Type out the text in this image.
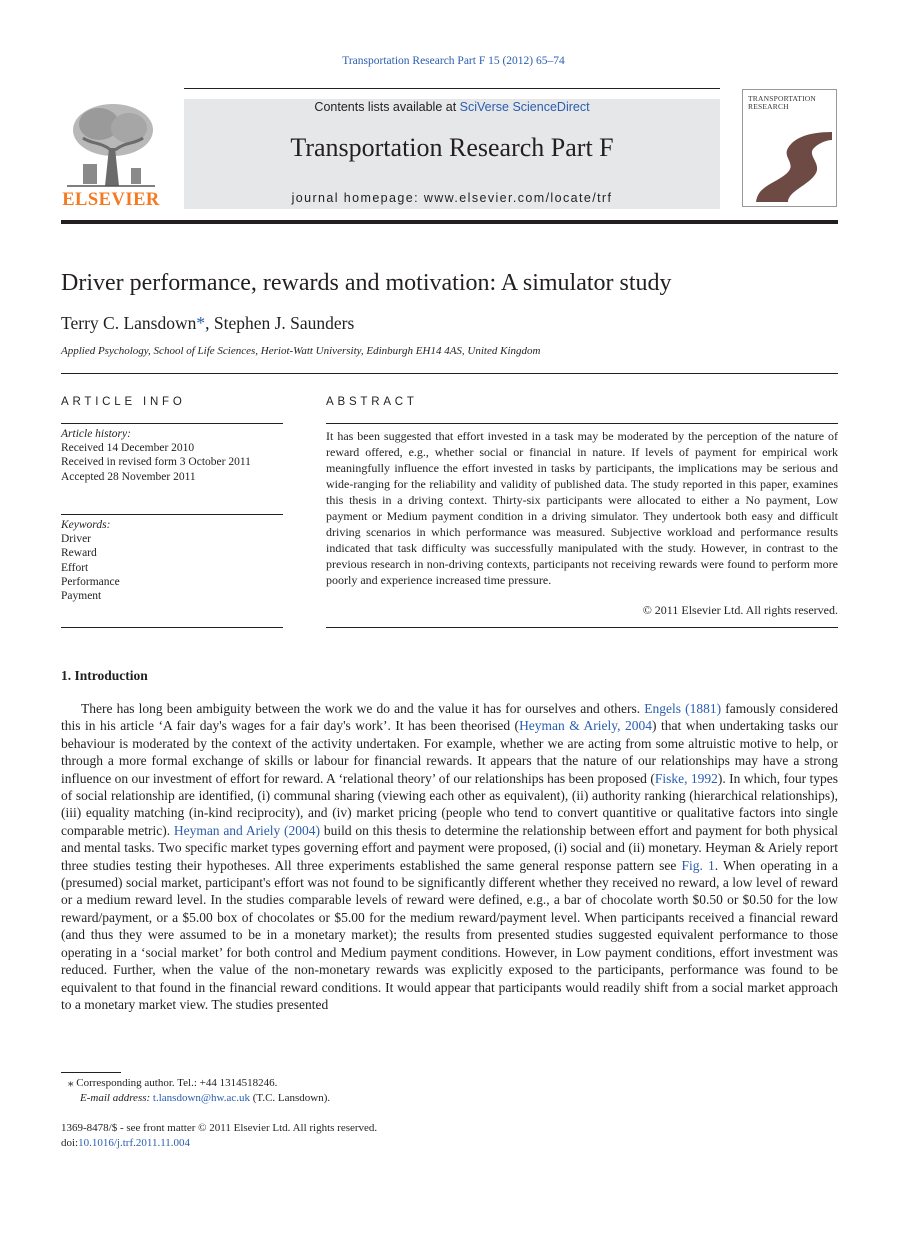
Transportation Research Part F 15 (2012) 65–74
Contents lists available at SciVerse ScienceDirect
Transportation Research Part F
journal homepage: www.elsevier.com/locate/trf
ELSEVIER
TRANSPORTATION RESEARCH
Driver performance, rewards and motivation: A simulator study
Terry C. Lansdown*, Stephen J. Saunders
Applied Psychology, School of Life Sciences, Heriot-Watt University, Edinburgh EH14 4AS, United Kingdom
ARTICLE INFO
Article history:
Received 14 December 2010
Received in revised form 3 October 2011
Accepted 28 November 2011
Keywords:
Driver
Reward
Effort
Performance
Payment
ABSTRACT
It has been suggested that effort invested in a task may be moderated by the perception of the nature of reward offered, e.g., whether social or financial in nature. If levels of payment for empirical work meaningfully influence the effort invested in tasks by participants, the implications may be serious and wide-ranging for the reliability and validity of published data. The study reported in this paper, examines this thesis in a driving context. Thirty-six participants were allocated to either a No payment, Low payment or Medium payment condition in a driving simulator. They undertook both easy and difficult driving scenarios in which performance was measured. Subjective workload and performance results indicated that task difficulty was successfully manipulated with the study. However, in contrast to the previous research in non-driving contexts, participants not receiving rewards were found to perform more poorly and experience increased time pressure.
© 2011 Elsevier Ltd. All rights reserved.
1. Introduction
There has long been ambiguity between the work we do and the value it has for ourselves and others. Engels (1881) famously considered this in his article ‘A fair day's wages for a fair day's work’. It has been theorised (Heyman & Ariely, 2004) that when undertaking tasks our behaviour is moderated by the context of the activity undertaken. For example, whether we are acting from some altruistic motive to help, or through a more formal exchange of skills or labour for financial rewards. It appears that the nature of our relationships may have a strong influence on our investment of effort for reward. A ‘relational theory’ of our relationships has been proposed (Fiske, 1992). In which, four types of social relationship are identified, (i) communal sharing (viewing each other as equivalent), (ii) authority ranking (hierarchical relationships), (iii) equality matching (in-kind reciprocity), and (iv) market pricing (people who tend to convert quantitive or qualitative factors into single comparable metric). Heyman and Ariely (2004) build on this thesis to determine the relationship between effort and payment for both physical and mental tasks. Two specific market types governing effort and payment were proposed, (i) social and (ii) monetary. Heyman & Ariely report three studies testing their hypotheses. All three experiments established the same general response pattern see Fig. 1. When operating in a (presumed) social market, participant's effort was not found to be significantly different whether they received no reward, a low level of reward or a medium reward level. In the studies comparable levels of reward were defined, e.g., a bar of chocolate worth $0.50 or $0.50 for the low reward/payment, or a $5.00 box of chocolates or $5.00 for the medium reward/payment level. When participants received a financial reward (and thus they were assumed to be in a monetary market); the results from presented studies suggested equivalent performance to those operating in a ‘social market’ for both control and Medium payment conditions. However, in Low payment conditions, effort investment was reduced. Further, when the value of the non-monetary rewards was explicitly exposed to the participants, performance was found to be equivalent to that found in the financial reward conditions. It would appear that participants would readily shift from a social market approach to a monetary market view. The studies presented
⁎ Corresponding author. Tel.: +44 1314518246.
E-mail address: t.lansdown@hw.ac.uk (T.C. Lansdown).
1369-8478/$ - see front matter © 2011 Elsevier Ltd. All rights reserved.
doi:10.1016/j.trf.2011.11.004
